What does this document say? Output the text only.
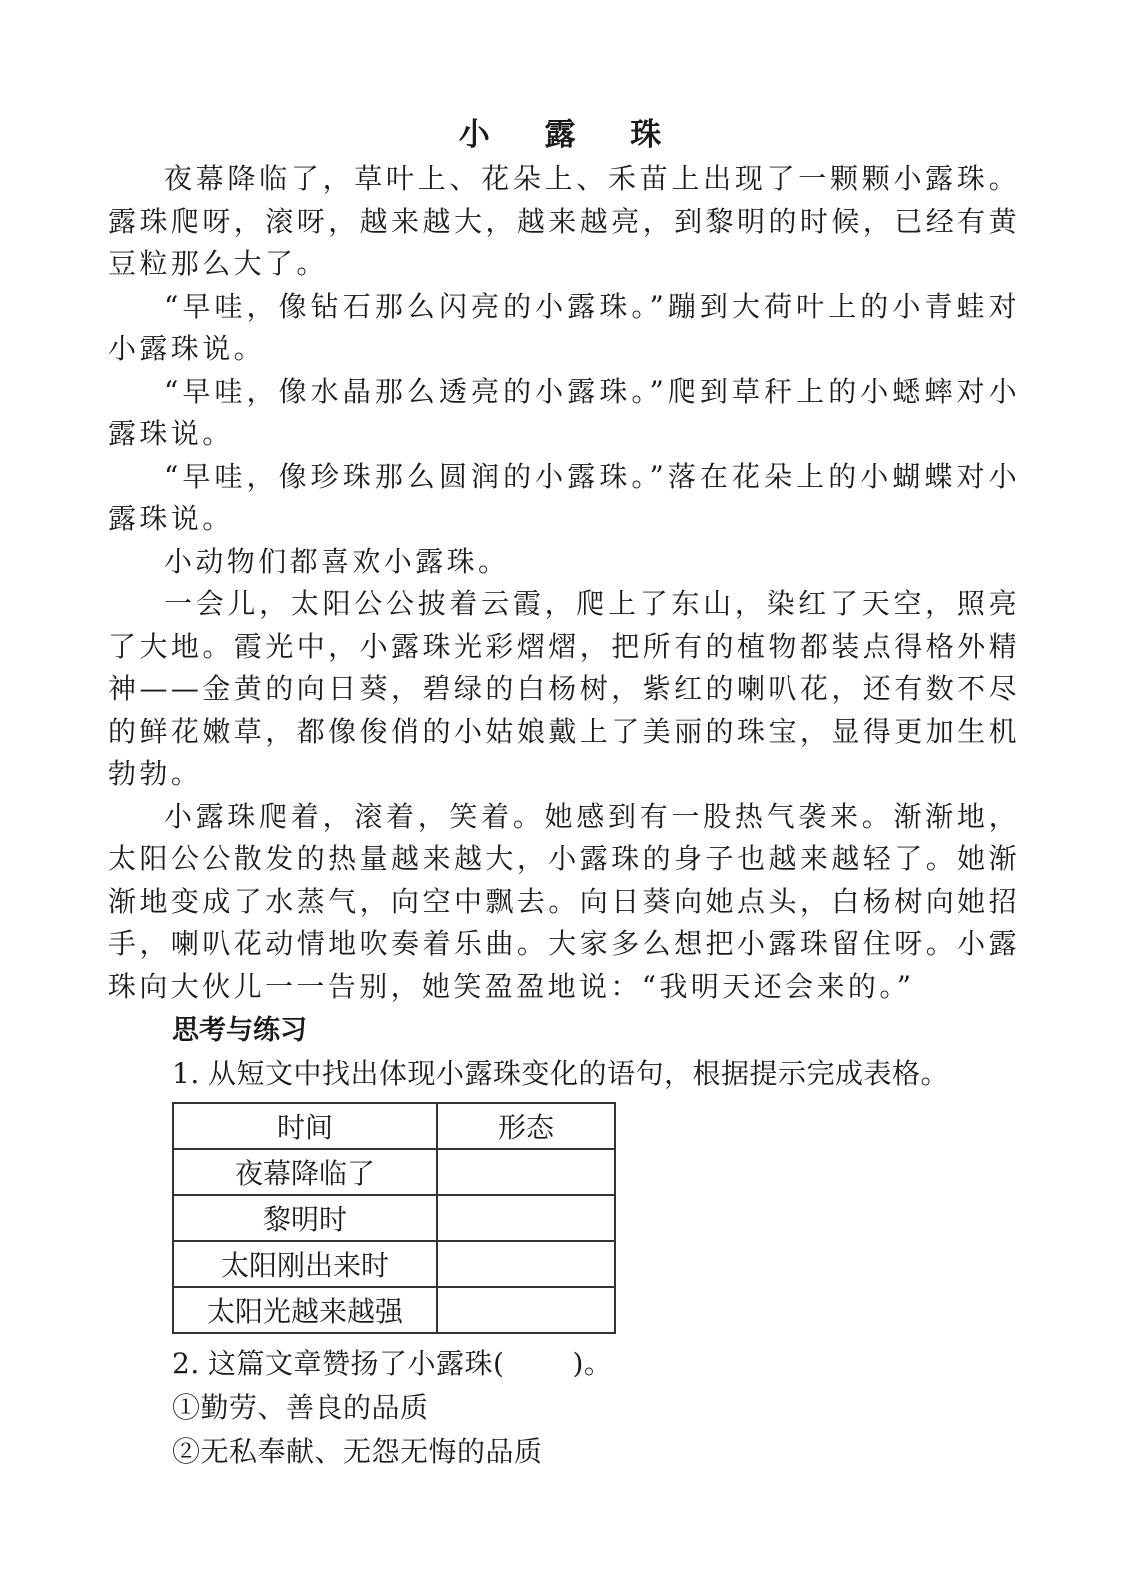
小 露 珠

夜幕降临了，草叶上、花朵上、禾苗上出现了一颗颗小露珠。露珠爬呀，滚呀，越来越大，越来越亮，到黎明的时候，已经有黄豆粒那么大了。

“早哇，像钻石那么闪亮的小露珠。”蹦到大荷叶上的小青蛙对小露珠说。

“早哇，像水晶那么透亮的小露珠。”爬到草秆上的小蟋蟀对小露珠说。

“早哇，像珍珠那么圆润的小露珠。”落在花朵上的小蝴蝶对小露珠说。

小动物们都喜欢小露珠。

一会儿，太阳公公披着云霞，爬上了东山，染红了天空，照亮了大地。霞光中，小露珠光彩熠熠，把所有的植物都装点得格外精神——金黄的向日葵，碧绿的白杨树，紫红的喇叭花，还有数不尽的鲜花嫩草，都像俊俏的小姑娘戴上了美丽的珠宝，显得更加生机勃勃。

小露珠爬着，滚着，笑着。她感到有一股热气袭来。渐渐地，太阳公公散发的热量越来越大，小露珠的身子也越来越轻了。她渐渐地变成了水蒸气，向空中飘去。向日葵向她点头，白杨树向她招手，喇叭花动情地吹奏着乐曲。大家多么想把小露珠留住呀。小露珠向大伙儿一一告别，她笑盈盈地说：“我明天还会来的。”

思考与练习
1. 从短文中找出体现小露珠变化的语句，根据提示完成表格。
时间	形态
夜幕降临了	
黎明时	
太阳刚出来时	
太阳光越来越强	
2. 这篇文章赞扬了小露珠( )。
①勤劳、善良的品质
②无私奉献、无怨无悔的品质
